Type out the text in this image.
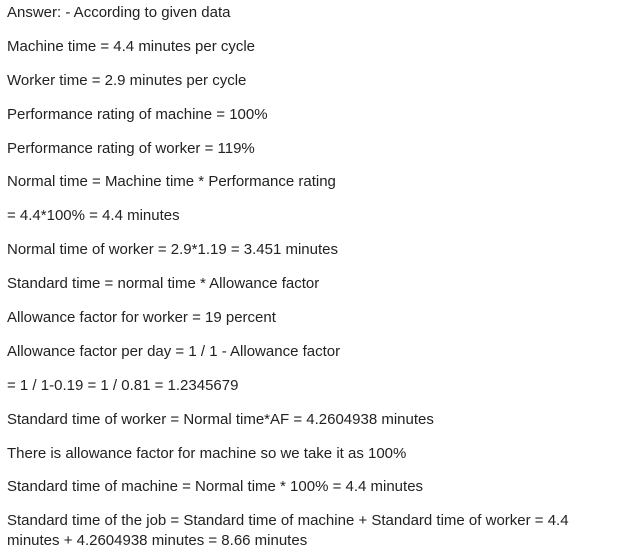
Answer: - According to given data
Machine time = 4.4 minutes per cycle
Worker time = 2.9 minutes per cycle
Performance rating of machine = 100%
Performance rating of worker = 119%
Normal time = Machine time * Performance rating
= 4.4*100% = 4.4 minutes
Normal time of worker = 2.9*1.19 = 3.451 minutes
Standard time = normal time * Allowance factor
Allowance factor for worker = 19 percent
Allowance factor per day = 1 / 1 - Allowance factor
= 1 / 1-0.19 = 1 / 0.81 = 1.2345679
Standard time of worker = Normal time*AF = 4.2604938 minutes
There is allowance factor for machine so we take it as 100%
Standard time of machine = Normal time * 100% = 4.4 minutes
Standard time of the job = Standard time of machine + Standard time of worker = 4.4 minutes + 4.2604938 minutes = 8.66 minutes
